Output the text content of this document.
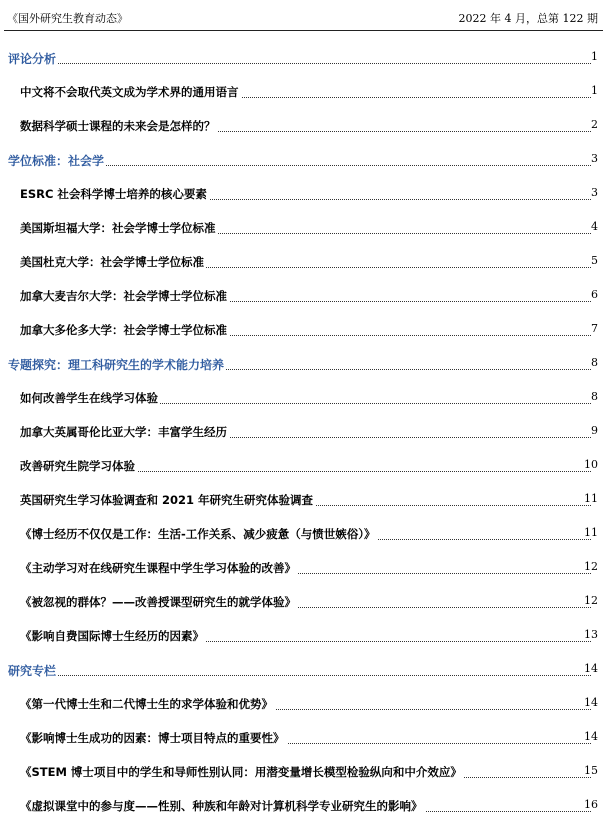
《国外研究生教育动态》	2022 年 4 月，总第 122 期
评论分析	1
中文将不会取代英文成为学术界的通用语言	1
数据科学硕士课程的未来会是怎样的？	2
学位标准：社会学	3
ESRC 社会科学博士培养的核心要素	3
美国斯坦福大学：社会学博士学位标准	4
美国杜克大学：社会学博士学位标准	5
加拿大麦吉尔大学：社会学博士学位标准	6
加拿大多伦多大学：社会学博士学位标准	7
专题探究：理工科研究生的学术能力培养	8
如何改善学生在线学习体验	8
加拿大英属哥伦比亚大学：丰富学生经历	9
改善研究生院学习体验	10
英国研究生学习体验调查和 2021 年研究生研究体验调查	11
《博士经历不仅仅是工作：生活-工作关系、减少疲惫（与愤世嫉俗）》	11
《主动学习对在线研究生课程中学生学习体验的改善》	12
《被忽视的群体？——改善授课型研究生的就学体验》	12
《影响自费国际博士生经历的因素》	13
研究专栏	14
《第一代博士生和二代博士生的求学体验和优势》	14
《影响博士生成功的因素：博士项目特点的重要性》	14
《STEM 博士项目中的学生和导师性别认同：用潜变量增长模型检验纵向和中介效应》	15
《虚拟课堂中的参与度——性别、种族和年龄对计算机科学专业研究生的影响》	16
